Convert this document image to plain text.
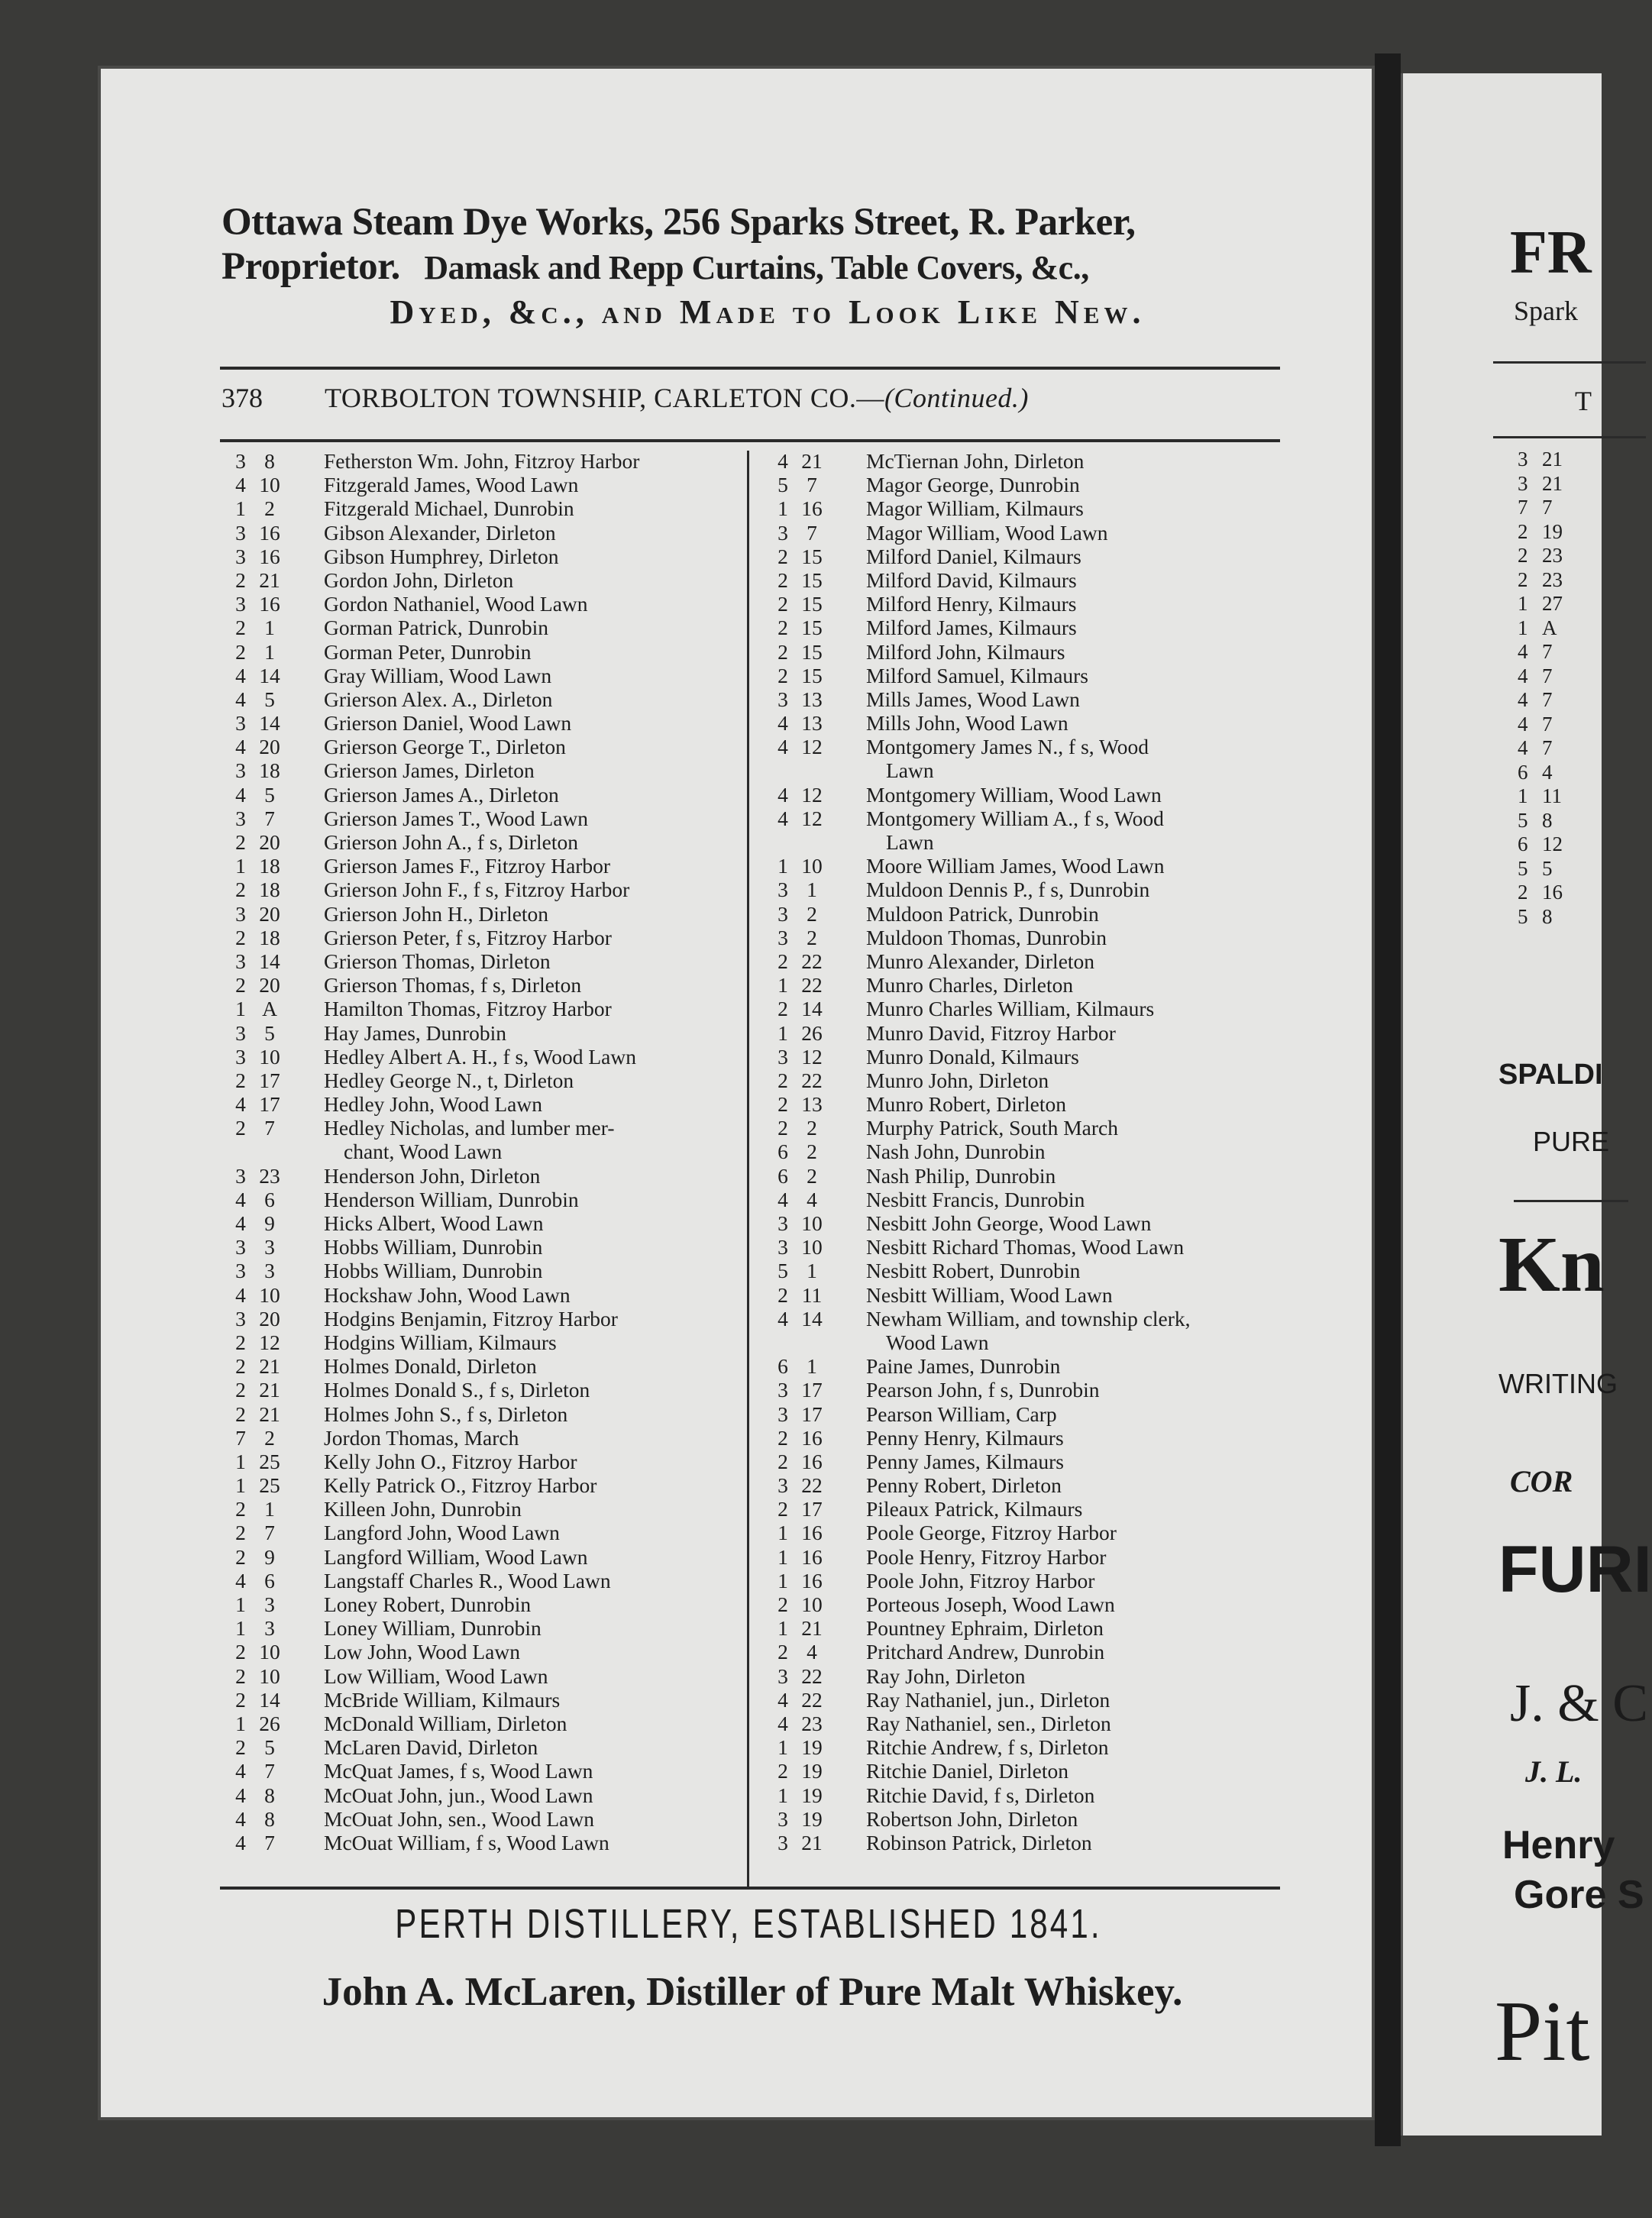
Ottawa Steam Dye Works, 256 Sparks Street, R. Parker,
Proprietor. Damask and Repp Curtains, Table Covers, &c.,
Dyed, &c., and Made to Look Like New.
378 TORBOLTON TOWNSHIP, CARLETON CO.—(Continued.)
3 8	Fetherston Wm. John, Fitzroy Harbor
4 10	Fitzgerald James, Wood Lawn
1 2	Fitzgerald Michael, Dunrobin
3 16	Gibson Alexander, Dirleton
3 16	Gibson Humphrey, Dirleton
2 21	Gordon John, Dirleton
3 16	Gordon Nathaniel, Wood Lawn
2 1	Gorman Patrick, Dunrobin
2 1	Gorman Peter, Dunrobin
4 14	Gray William, Wood Lawn
4 5	Grierson Alex. A., Dirleton
3 14	Grierson Daniel, Wood Lawn
4 20	Grierson George T., Dirleton
3 18	Grierson James, Dirleton
4 5	Grierson James A., Dirleton
3 7	Grierson James T., Wood Lawn
2 20	Grierson John A., f s, Dirleton
1 18	Grierson James F., Fitzroy Harbor
2 18	Grierson John F., f s, Fitzroy Harbor
3 20	Grierson John H., Dirleton
2 18	Grierson Peter, f s, Fitzroy Harbor
3 14	Grierson Thomas, Dirleton
2 20	Grierson Thomas, f s, Dirleton
1 A	Hamilton Thomas, Fitzroy Harbor
3 5	Hay James, Dunrobin
3 10	Hedley Albert A. H., f s, Wood Lawn
2 17	Hedley George N., t, Dirleton
4 17	Hedley John, Wood Lawn
2 7	Hedley Nicholas, and lumber mer-
chant, Wood Lawn
3 23	Henderson John, Dirleton
4 6	Henderson William, Dunrobin
4 9	Hicks Albert, Wood Lawn
3 3	Hobbs William, Dunrobin
3 3	Hobbs William, Dunrobin
4 10	Hockshaw John, Wood Lawn
3 20	Hodgins Benjamin, Fitzroy Harbor
2 12	Hodgins William, Kilmaurs
2 21	Holmes Donald, Dirleton
2 21	Holmes Donald S., f s, Dirleton
2 21	Holmes John S., f s, Dirleton
7 2	Jordon Thomas, March
1 25	Kelly John O., Fitzroy Harbor
1 25	Kelly Patrick O., Fitzroy Harbor
2 1	Killeen John, Dunrobin
2 7	Langford John, Wood Lawn
2 9	Langford William, Wood Lawn
4 6	Langstaff Charles R., Wood Lawn
1 3	Loney Robert, Dunrobin
1 3	Loney William, Dunrobin
2 10	Low John, Wood Lawn
2 10	Low William, Wood Lawn
2 14	McBride William, Kilmaurs
1 26	McDonald William, Dirleton
2 5	McLaren David, Dirleton
4 7	McQuat James, f s, Wood Lawn
4 8	McOuat John, jun., Wood Lawn
4 8	McOuat John, sen., Wood Lawn
4 7	McOuat William, f s, Wood Lawn
4 21	McTiernan John, Dirleton
5 7	Magor George, Dunrobin
1 16	Magor William, Kilmaurs
3 7	Magor William, Wood Lawn
2 15	Milford Daniel, Kilmaurs
2 15	Milford David, Kilmaurs
2 15	Milford Henry, Kilmaurs
2 15	Milford James, Kilmaurs
2 15	Milford John, Kilmaurs
2 15	Milford Samuel, Kilmaurs
3 13	Mills James, Wood Lawn
4 13	Mills John, Wood Lawn
4 12	Montgomery James N., f s, Wood
Lawn
4 12	Montgomery William, Wood Lawn
4 12	Montgomery William A., f s, Wood
Lawn
1 10	Moore William James, Wood Lawn
3 1	Muldoon Dennis P., f s, Dunrobin
3 2	Muldoon Patrick, Dunrobin
3 2	Muldoon Thomas, Dunrobin
2 22	Munro Alexander, Dirleton
1 22	Munro Charles, Dirleton
2 14	Munro Charles William, Kilmaurs
1 26	Munro David, Fitzroy Harbor
3 12	Munro Donald, Kilmaurs
2 22	Munro John, Dirleton
2 13	Munro Robert, Dirleton
2 2	Murphy Patrick, South March
6 2	Nash John, Dunrobin
6 2	Nash Philip, Dunrobin
4 4	Nesbitt Francis, Dunrobin
3 10	Nesbitt John George, Wood Lawn
3 10	Nesbitt Richard Thomas, Wood Lawn
5 1	Nesbitt Robert, Dunrobin
2 11	Nesbitt William, Wood Lawn
4 14	Newham William, and township clerk,
Wood Lawn
6 1	Paine James, Dunrobin
3 17	Pearson John, f s, Dunrobin
3 17	Pearson William, Carp
2 16	Penny Henry, Kilmaurs
2 16	Penny James, Kilmaurs
3 22	Penny Robert, Dirleton
2 17	Pileaux Patrick, Kilmaurs
1 16	Poole George, Fitzroy Harbor
1 16	Poole Henry, Fitzroy Harbor
1 16	Poole John, Fitzroy Harbor
2 10	Porteous Joseph, Wood Lawn
1 21	Pountney Ephraim, Dirleton
2 4	Pritchard Andrew, Dunrobin
3 22	Ray John, Dirleton
4 22	Ray Nathaniel, jun., Dirleton
4 23	Ray Nathaniel, sen., Dirleton
1 19	Ritchie Andrew, f s, Dirleton
2 19	Ritchie Daniel, Dirleton
1 19	Ritchie David, f s, Dirleton
3 19	Robertson John, Dirleton
3 21	Robinson Patrick, Dirleton
PERTH DISTILLERY, ESTABLISHED 1841.
John A. McLaren, Distiller of Pure Malt Whiskey.
FR
Spark
T
3 21
3 21
7 7
2 19
2 23
2 23
1 27
1 A
4 7
4 7
4 7
4 7
4 7
6 4
1 11
5 8
6 12
5 5
2 16
5 8
SPALDI
PURE
Kn
WRITING
COR
FURI
J. & C
J. L.
Henry
Gore S
Pit
